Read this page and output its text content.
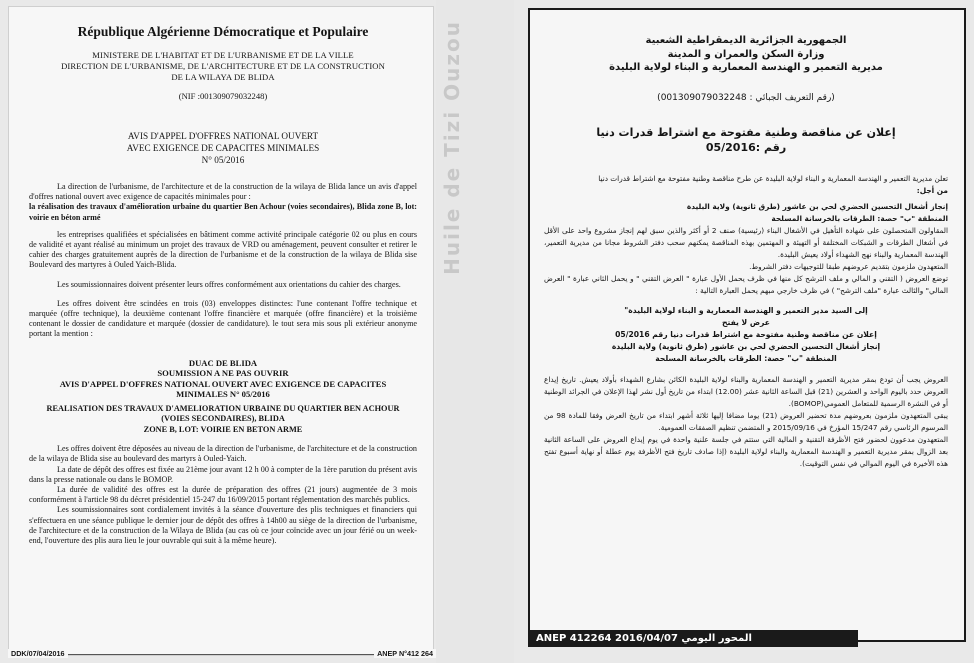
République Algérienne Démocratique et Populaire
MINISTERE DE L'HABITAT ET DE L'URBANISME ET DE LA VILLE
DIRECTION DE L'URBANISME, DE L'ARCHITECTURE ET DE LA CONSTRUCTION
DE LA WILAYA DE BLIDA
(NIF :001309079032248)
AVIS D'APPEL D'OFFRES NATIONAL OUVERT
AVEC EXIGENCE DE CAPACITES MINIMALES
N° 05/2016

La direction de l'urbanisme, de l'architecture et de la construction de la wilaya de Blida lance un avis d'appel d'offres national ouvert avec exigence de capacités minimales pour :

la réalisation des travaux d'amélioration urbaine du quartier Ben Achour (voies secondaires), Blida zone B, lot: voirie en béton armé

les entreprises qualifiées et spécialisées en bâtiment comme activité principale catégorie 02 ou plus en cours de validité et ayant réalisé au minimum un projet des travaux de VRD ou aménagement, peuvent consulter et retirer le cahier des charges gratuitement auprès de la direction de l'urbanisme et de la construction de la wilaya de Blida sise Boulevard des martyres à Ouled Yaich-Blida.

Les soumissionnaires doivent présenter leurs offres conformément aux orientations du cahier des charges.

Les offres doivent être scindées en trois (03) enveloppes distinctes: l'une contenant l'offre technique et marquée (offre technique), la deuxième contenant l'offre financière et marquée (offre financière) et la troisième contenant le dossier de candidature et marquée (dossier de candidature). le tout sera mis sous pli extérieur anonyme portant la mention :

DUAC DE BLIDA
SOUMISSION A NE PAS OUVRIR
AVIS D'APPEL D'OFFRES NATIONAL OUVERT AVEC EXIGENCE DE CAPACITES
MINIMALES N° 05/2016
REALISATION DES TRAVAUX D'AMELIORATION URBAINE DU QUARTIER BEN ACHOUR
(VOIES SECONDAIRES), BLIDA
ZONE B, LOT: VOIRIE EN BETON ARME

Les offres doivent être déposées au niveau de la direction de l'urbanisme, de l'architecture et de la construction de la wilaya de Blida sise au boulevard des martyrs à Ouled-Yaich.

La date de dépôt des offres est fixée au 21ème jour avant 12 h 00 à compter de la 1ère parution du présent avis dans la presse nationale ou dans le BOMOP.

La durée de validité des offres est la durée de préparation des offres (21 jours) augmentée de 3 mois conformément à l'article 98 du décret présidentiel 15-247 du 16/09/2015 portant réglementation des marchés publics.

Les soumissionnaires sont cordialement invités à la séance d'ouverture des plis techniques et financiers qui s'effectuera en une séance publique le dernier jour de dépôt des offres à 14h00 au siège de la direction de l'urbanisme, de l'architecture et de la construction de la Wilaya de Blida (au cas où ce jour coïncide avec un jour férié ou un week-end, l'ouverture des plis aura lieu le jour ouvrable qui suit à la même heure).

DDK/07/04/2016	ANEP N°412 264
Huile de Tizi Ouzou	الجمهورية الجزائرية الديمقراطية الشعبية
وزارة السكن والعمران و المدينة
مديرية التعمير و الهندسة المعمارية و البناء لولاية البليدة
(رقم التعريف الجبائي : 001309079032248)
إعلان عن مناقصة وطنية مفتوحة مع اشتراط قدرات دنيا
رقم :05/2016

تعلن مديرية التعمير و الهندسة المعمارية و البناء لولاية البليدة عن طرح مناقصة وطنية مفتوحة مع اشتراط قدرات دنيا

من أجل:

إنجاز أشغال التحسين الحضري لحي بن عاشور (طرق ثانوية) ولاية البليدة

المنطقة "ب" حصة: الطرقات بالخرسانة المسلحة

المقاولون المتحصلون على شهادة التأهيل في الأشغال البناء (رئيسية) صنف 2 أو أكثر والذين سبق لهم إنجاز مشروع واحد على الأقل في أشغال الطرقات و الشبكات المختلفة أو التهيئة و المهتمين بهذه المناقصة يمكنهم سحب دفتر الشروط مجانا من مديرية التعمير، الهندسة المعمارية والبناء نهج الشهداء أولاد يعيش البليدة.

المتعهدون ملزمون بتقديم عروضهم طبقا للتوجيهات دفتر الشروط.

توضع العروض ( التقني و المالي و ملف الترشح كل منها في ظرف يحمل الأول عبارة " العرض التقني " و يحمل الثاني عبارة " العرض المالي" والثالث عبارة "ملف الترشح" ) في ظرف خارجي مبهم يحمل العبارة التالية :

إلى السيد مدير التعمير و الهندسة المعمارية و البناء لولاية البليدة"
عرض لا يفتح
إعلان عن مناقصة وطنية مفتوحة مع اشتراط قدرات دنيا رقم 05/2016
إنجاز أشغال التحسين الحضري لحي بن عاشور (طرق ثانوية) ولاية البليدة
المنطقة "ب" حصة: الطرقات بالخرسانة المسلحة

العروض يجب أن تودع بمقر مديرية التعمير و الهندسة المعمارية والبناء لولاية البليدة الكائن بشارع الشهداء بأولاد يعيش. تاريخ إيداع العروض حدد باليوم الواحد و العشرين (21) قبل الساعة الثانية عشر (12.00) ابتداء من تاريخ أول نشر لهذا الإعلان في الجرائد الوطنية أو في النشرة الرسمية للمتعامل العمومي(BOMOP).

يبقى المتعهدون ملزمون بعروضهم مدة تحضير العروض (21) يوما مضافا إليها ثلاثة أشهر ابتداء من تاريخ العرض وفقا للمادة 98 من المرسوم الرئاسي رقم 15/247 المؤرخ في 2015/09/16 و المتضمن تنظيم الصفقات العمومية.

المتعهدون مدعوون لحضور فتح الأظرفة التقنية و المالية التي ستتم في جلسة علنية واحدة في يوم إيداع العروض على الساعة الثانية بعد الزوال بمقر مديرية التعمير و الهندسة المعمارية والبناء لولاية البليدة (إذا صادف تاريخ فتح الأظرفة يوم عطلة أو نهاية أسبوع تفتح هذه الأخيرة في اليوم الموالي في نفس التوقيت).

ANEP 412264 المحور اليومي 2016/04/07
